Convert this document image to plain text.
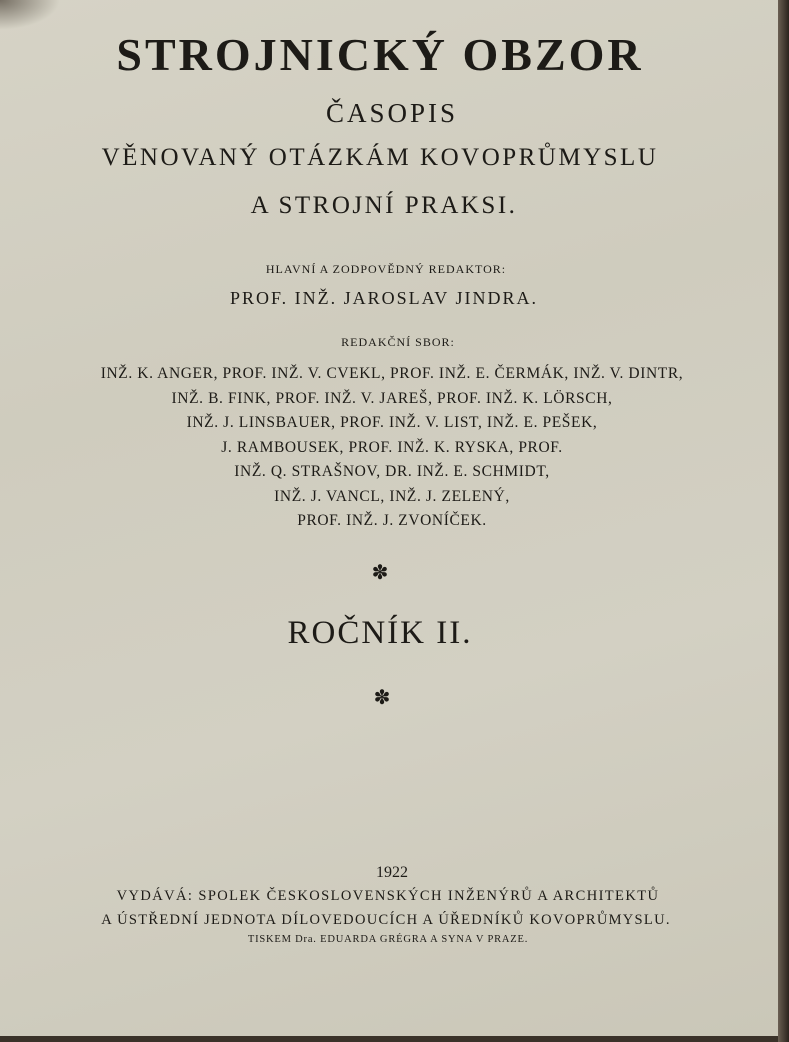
STROJNICKÝ OBZOR
ČASOPIS
VĚNOVANÝ OTÁZKÁM KOVOPRŮMYSLU
A STROJNÍ PRAKSI.
HLAVNÍ A ZODPOVĚDNÝ REDAKTOR:
PROF. INŽ. JAROSLAV JINDRA.
REDAKČNÍ SBOR:
INŽ. K. ANGER, PROF. INŽ. V. CVEKL, PROF. INŽ. E. ČERMÁK, INŽ. V. DINTR,
INŽ. B. FINK, PROF. INŽ. V. JAREŠ, PROF. INŽ. K. LÖRSCH,
INŽ. J. LINSBAUER, PROF. INŽ. V. LIST, INŽ. E. PEŠEK,
J. RAMBOUSEK, PROF. INŽ. K. RYSKA, PROF.
INŽ. Q. STRAŠNOV, DR. INŽ. E. SCHMIDT,
INŽ. J. VANCL, INŽ. J. ZELENÝ,
PROF. INŽ. J. ZVONÍČEK.
✽
ROČNÍK II.
✽
1922
VYDÁVÁ: SPOLEK ČESKOSLOVENSKÝCH INŽENÝRŮ A ARCHITEKTŮ
A ÚSTŘEDNÍ JEDNOTA DÍLOVEDOUCÍCH A ÚŘEDNÍKŮ KOVOPRŮMYSLU.
TISKEM Dra. EDUARDA GRÉGRA A SYNA V PRAZE.
